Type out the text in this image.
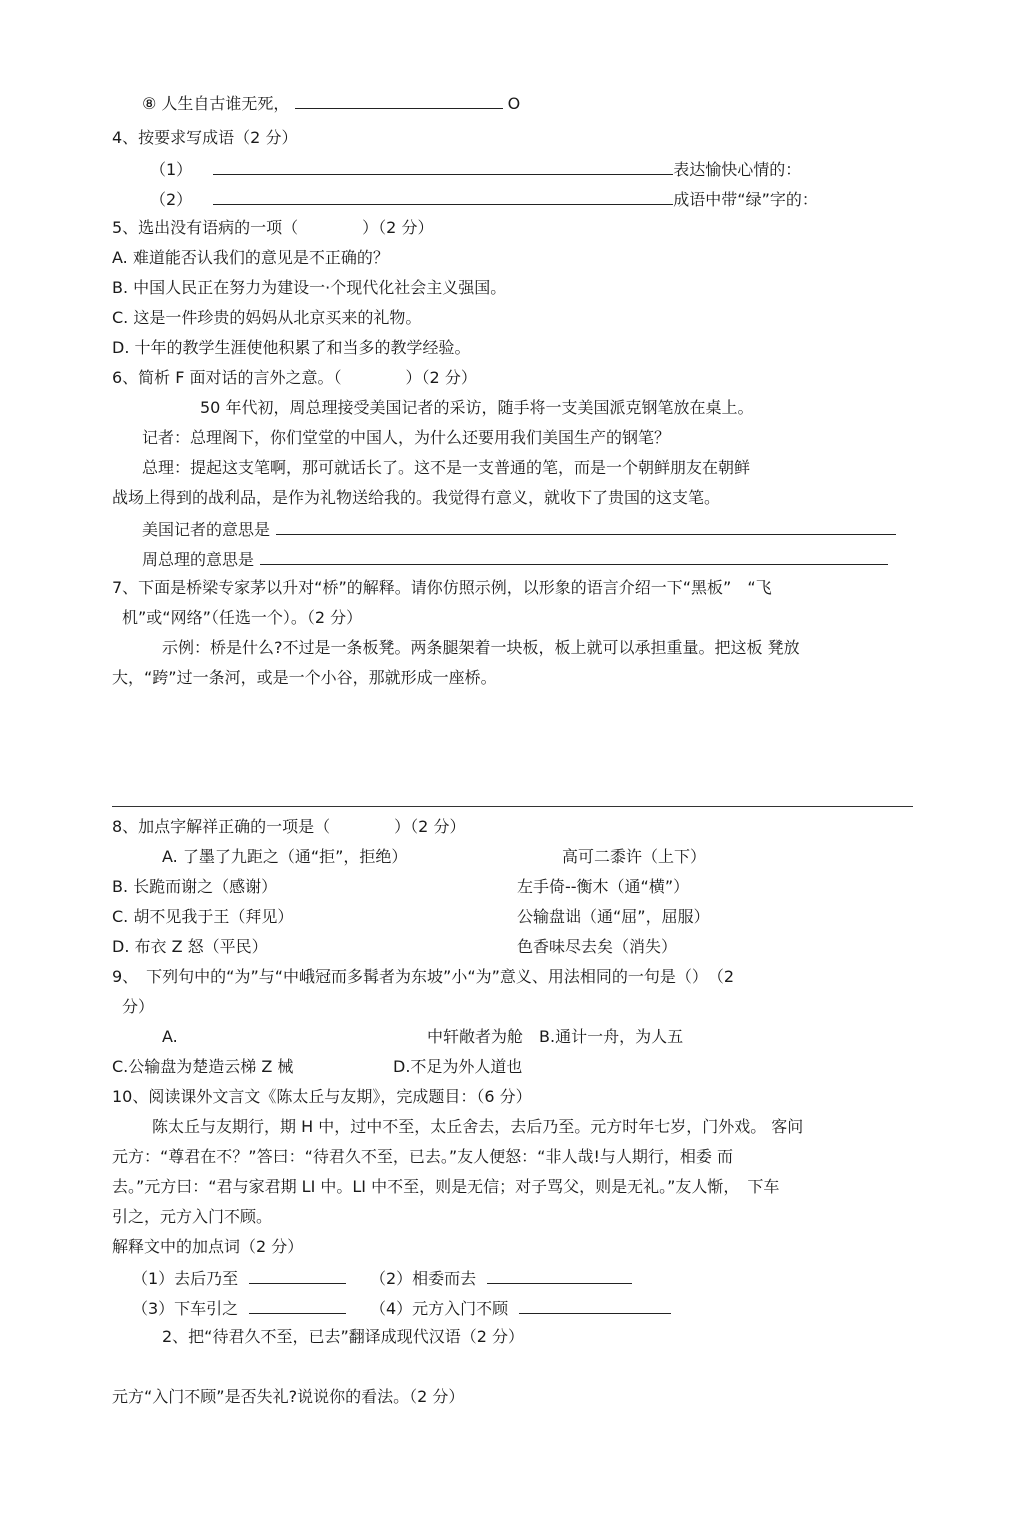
⑧ 人生自古谁无死，	O
4、按要求写成语（2 分）
（1）	表达愉快心情的：
（2）	成语中带“绿”字的：
5、选出没有语病的一项（　　　　）（2 分）
A. 难道能否认我们的意见是不正确的？
B. 中国人民正在努力为建设一·个现代化社会主义强国。
C. 这是一件珍贵的妈妈从北京买来的礼物。
D. 十年的教学生涯使他积累了和当多的教学经验。
6、简析 F 面对话的言外之意。（　　　　）（2 分）
50 年代初，周总理接受美国记者的采访，随手将一支美国派克钢笔放在桌上。
记者：总理阁下，你们堂堂的中国人，为什么还要用我们美国生产的钢笔？
总理：提起这支笔啊，那可就话长了。这不是一支普通的笔，而是一个朝鲜朋友在朝鲜
战场上得到的战利品，是作为礼物送给我的。我觉得冇意义，就收下了贵国的这支笔。
美国记者的意思是
周总理的意思是
7、下面是桥梁专家茅以升对“桥”的解释。请你仿照示例，以形象的语言介绍一下“黑板”　“飞
机”或“网络”（任选一个）。（2 分）
示例：桥是什么?不过是一条板凳。两条腿架着一块板，板上就可以承担重量。把这板 凳放
大，“跨”过一条河，或是一个小谷，那就形成一座桥。
8、加点字解祥正确的一项是（　　　　）（2 分）
A. 了墨了九距之（通“拒”，拒绝）	高可二黍许（上下）
B. 长跪而谢之（感谢）	左手倚--衡木（通“横”）
C. 胡不见我于王（拜见）	公输盘诎（通“屈”，屈服）
D. 布衣 Z 怒（平民）	色香味尽去矣（消失）
9、　下列句中的“为”与“中峨冠而多髯者为东坡”小“为”意义、用法相同的一句是（）　（2
分）
A.	中轩敞者为舱　B.通计一舟，为人五
C.公输盘为楚造云梯 Z 械	D.不足为外人道也
10、阅读课外文言文《陈太丘与友期》，完成题目：（6 分）
陈太丘与友期行，期 H 中，过中不至，太丘舍去，去后乃至。元方时年七岁，门外戏。 客问
元方：“尊君在不？”答曰：“待君久不至，已去。”友人便怒：“非人哉!与人期行，相委 而
去。”元方曰：“君与家君期 LI 中。LI 中不至，则是无信；对子骂父，则是无礼。”友人惭，　下车
引之，元方入门不顾。
解释文中的加点词（2 分）
（1）去后乃至	（2）相委而去
（3）下车引之	（4）元方入门不顾
2、把“待君久不至，已去”翻译成现代汉语（2 分）
元方“入门不顾”是否失礼?说说你的看法。（2 分）
